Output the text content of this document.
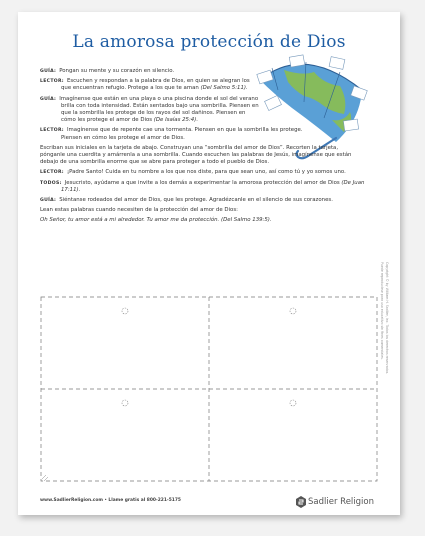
La amorosa protección de Dios

GUÍA: Pongan su mente y su corazón en silencio.

LECTOR: Escuchen y respondan a la palabra de Dios, en quien se alegran los que encuentran refugio. Protege a los que te aman (Del Salmo 5:11).

GUÍA: Imagínense que están en una playa o una piscina donde el sol del verano brilla con toda intensidad. Están sentados bajo una sombrilla. Piensen en que la sombrilla les protege de los rayos del sol dañinos. Piensen en cómo les protege el amor de Dios (De Isaías 25:4).

LECTOR: Imagínense que de repente cae una tormenta. Piensen en que la sombrilla les protege. Piensen en cómo les protege el amor de Dios.

Escriban sus iniciales en la tarjeta de abajo. Construyan una “sombrilla del amor de Dios”. Recorten la tarjeta, pónganle una cuerdita y amárrenla a una sombrilla. Cuando escuchen las palabras de Jesús, imagínense que están debajo de una sombrilla enorme que se abre para proteger a todo el pueblo de Dios.

LECTOR: ¡Padre Santo! Cuida en tu nombre a los que nos diste, para que sean uno, así como tú y yo somos uno.

TODOS: Jesucristo, ayúdame a que invite a los demás a experimentar la amorosa protección del amor de Dios (De Juan 17:11).

GUÍA: Siéntanse rodeados del amor de Dios, que les protege. Agradézcanle en el silencio de sus corazones.

Lean estas palabras cuando necesiten de la protección del amor de Dios:

Oh Señor, tu amor está a mi alrededor. Tu amor me da protección. (Del Salmo 139:5).

Copyright © by William H. Sadlier, Inc. Todos los derechos reservados.
Puede reproducirse para uso educativo sin fines comerciales.
www.SadlierReligion.com • Llame gratis al 800-221-5175	Sadlier Religion
